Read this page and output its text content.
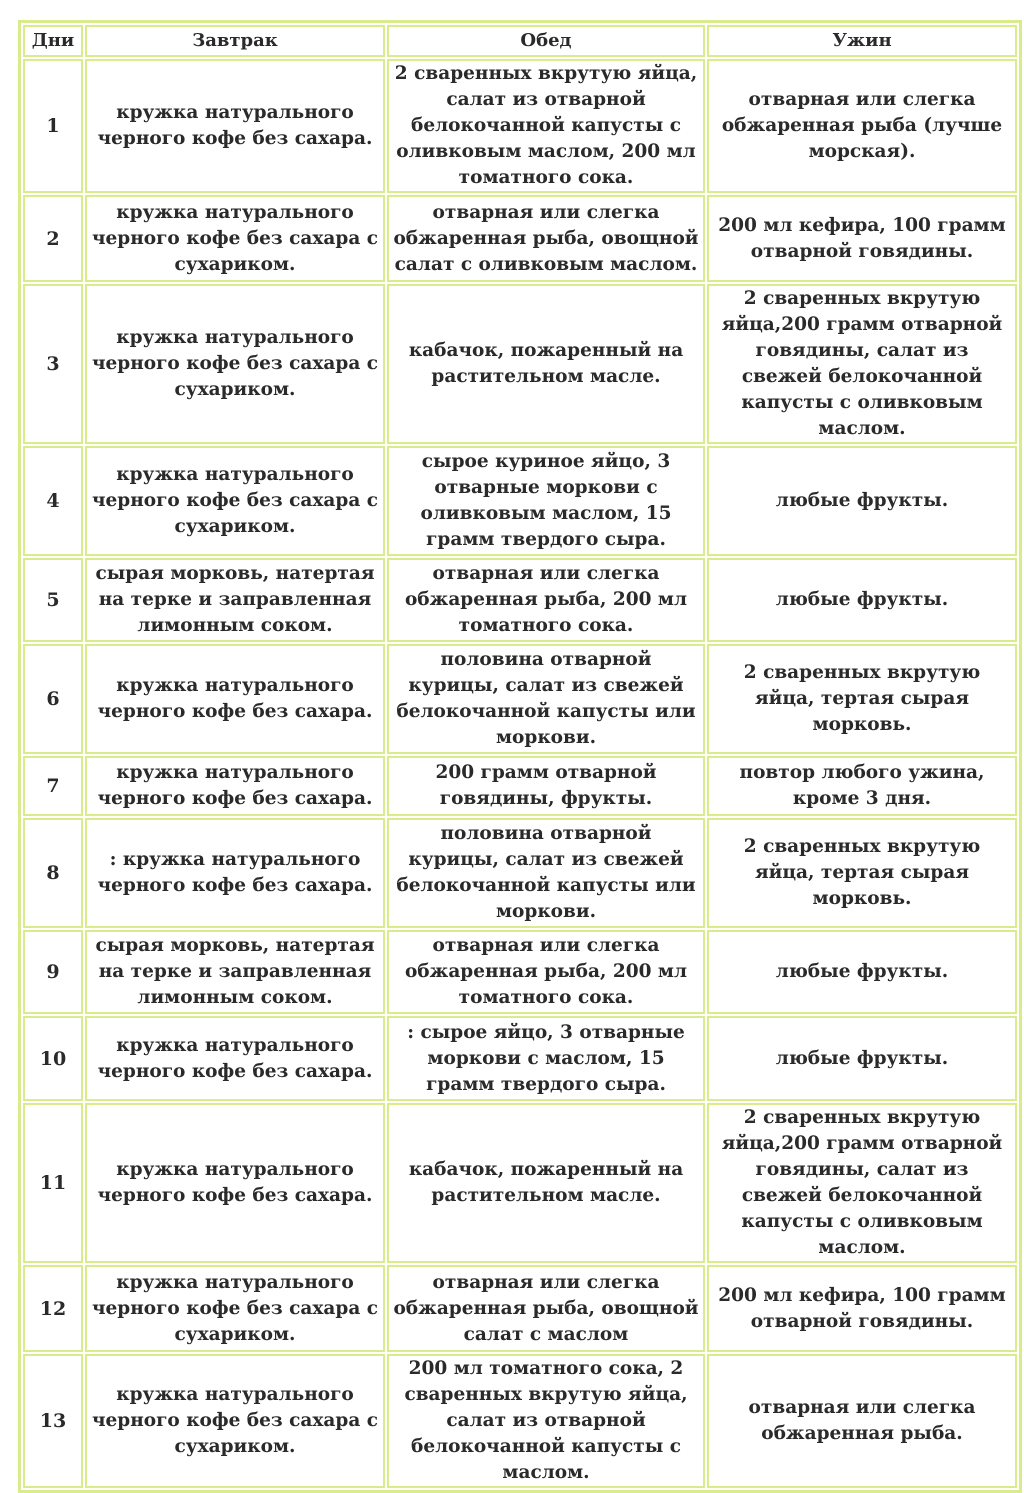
Дни	Завтрак	Обед	Ужин
1	кружка натурального черного кофе без сахара.	2 сваренных вкрутую яйца, салат из отварной белокочанной капусты с оливковым маслом, 200 мл томатного сока.	отварная или слегка обжаренная рыба (лучше морская).
2	кружка натурального черного кофе без сахара с сухариком.	отварная или слегка обжаренная рыба, овощной салат с оливковым маслом.	200 мл кефира, 100 грамм отварной говядины.
3	кружка натурального черного кофе без сахара с сухариком.	кабачок, пожаренный на растительном масле.	2 сваренных вкрутую яйца,200 грамм отварной говядины, салат из свежей белокочанной капусты с оливковым маслом.
4	кружка натурального черного кофе без сахара с сухариком.	сырое куриное яйцо, 3 отварные моркови с оливковым маслом, 15 грамм твердого сыра.	любые фрукты.
5	сырая морковь, натертая на терке и заправленная лимонным соком.	отварная или слегка обжаренная рыба, 200 мл томатного сока.	любые фрукты.
6	кружка натурального черного кофе без сахара.	половина отварной курицы, салат из свежей белокочанной капусты или моркови.	2 сваренных вкрутую яйца, тертая сырая морковь.
7	кружка натурального черного кофе без сахара.	200 грамм отварной говядины, фрукты.	повтор любого ужина, кроме 3 дня.
8	: кружка натурального черного кофе без сахара.	половина отварной курицы, салат из свежей белокочанной капусты или моркови.	2 сваренных вкрутую яйца, тертая сырая морковь.
9	сырая морковь, натертая на терке и заправленная лимонным соком.	отварная или слегка обжаренная рыба, 200 мл томатного сока.	любые фрукты.
10	кружка натурального черного кофе без сахара.	: сырое яйцо, 3 отварные моркови с маслом, 15 грамм твердого сыра.	любые фрукты.
11	кружка натурального черного кофе без сахара.	кабачок, пожаренный на растительном масле.	2 сваренных вкрутую яйца,200 грамм отварной говядины, салат из свежей белокочанной капусты с оливковым маслом.
12	кружка натурального черного кофе без сахара с сухариком.	отварная или слегка обжаренная рыба, овощной салат с маслом	200 мл кефира, 100 грамм отварной говядины.
13	кружка натурального черного кофе без сахара с сухариком.	200 мл томатного сока, 2 сваренных вкрутую яйца, салат из отварной белокочанной капусты с маслом.	отварная или слегка обжаренная рыба.
